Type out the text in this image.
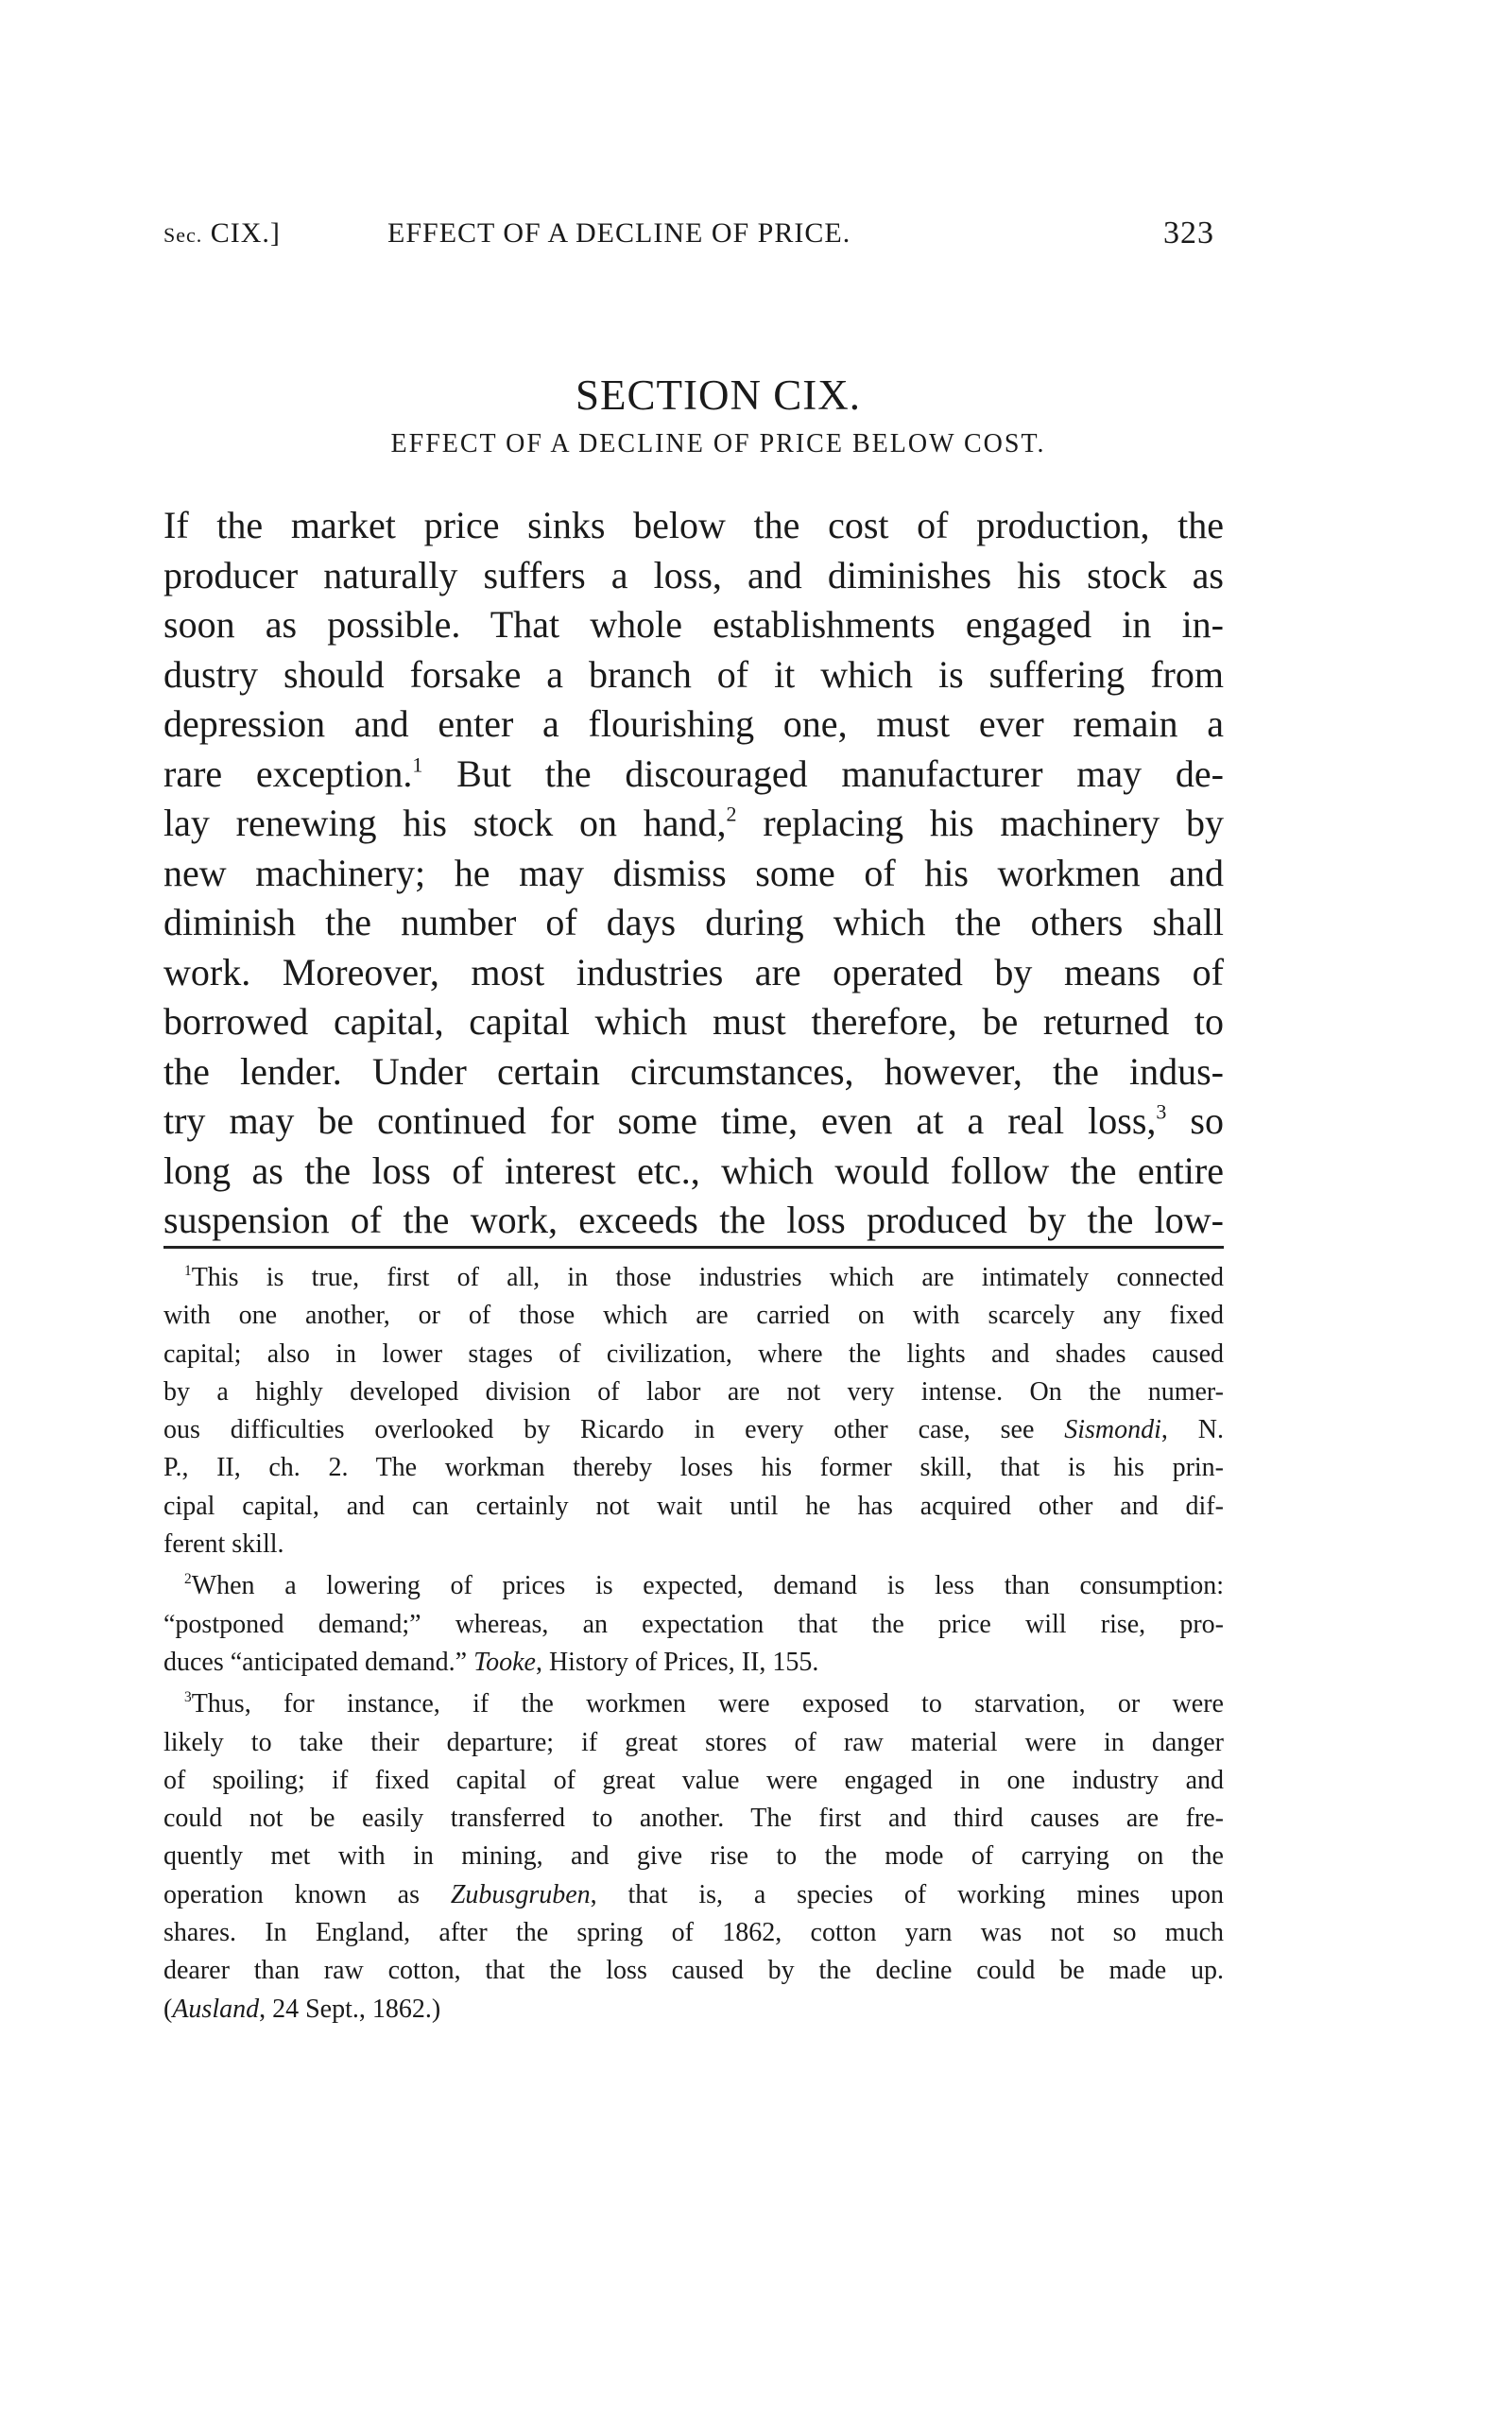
Sec. CIX.]	EFFECT OF A DECLINE OF PRICE.	323
SECTION CIX.
EFFECT OF A DECLINE OF PRICE BELOW COST.
If the market price sinks below the cost of production, the
producer naturally suffers a loss, and diminishes his stock as
soon as possible. That whole establishments engaged in in-
dustry should forsake a branch of it which is suffering from
depression and enter a flourishing one, must ever remain a
rare exception.$^1$ But the discouraged manufacturer may de-
lay renewing his stock on hand,$^2$ replacing his machinery by
new machinery; he may dismiss some of his workmen and
diminish the number of days during which the others shall
work. Moreover, most industries are operated by means of
borrowed capital, capital which must therefore, be returned to
the lender. Under certain circumstances, however, the indus-
try may be continued for some time, even at a real loss,$^3$ so
long as the loss of interest etc., which would follow the entire
suspension of the work, exceeds the loss produced by the low-
$^1$This is true, first of all, in those industries which are intimately connected
with one another, or of those which are carried on with scarcely any fixed
capital; also in lower stages of civilization, where the lights and shades caused
by a highly developed division of labor are not very intense. On the numer-
ous difficulties overlooked by Ricardo in every other case, see Sismondi, N.
P., II, ch. 2. The workman thereby loses his former skill, that is his prin-
cipal capital, and can certainly not wait until he has acquired other and dif-
ferent skill.
$^2$When a lowering of prices is expected, demand is less than consumption:
“postponed demand;” whereas, an expectation that the price will rise, pro-
duces “anticipated demand.” Tooke, History of Prices, II, 155.
$^3$Thus, for instance, if the workmen were exposed to starvation, or were
likely to take their departure; if great stores of raw material were in danger
of spoiling; if fixed capital of great value were engaged in one industry and
could not be easily transferred to another. The first and third causes are fre-
quently met with in mining, and give rise to the mode of carrying on the
operation known as Zubusgruben, that is, a species of working mines upon
shares. In England, after the spring of 1862, cotton yarn was not so much
dearer than raw cotton, that the loss caused by the decline could be made up.
(Ausland, 24 Sept., 1862.)
